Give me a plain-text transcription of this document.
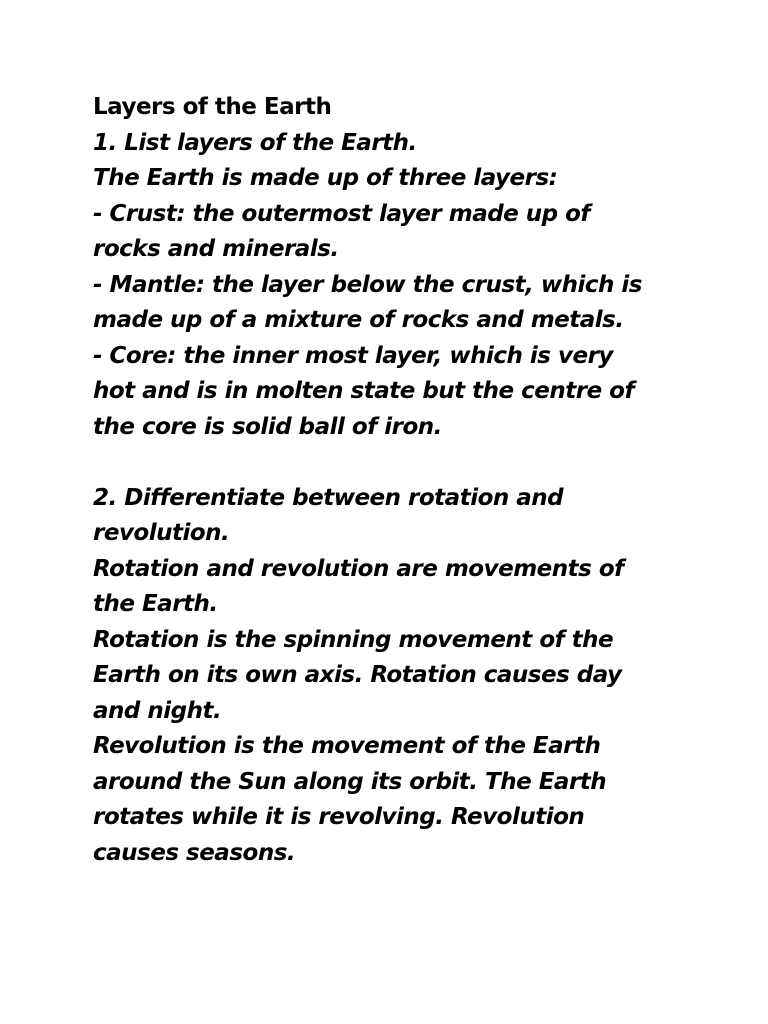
Layers of the Earth
1. List layers of the Earth.
The Earth is made up of three layers:
- Crust: the outermost layer made up of
rocks and minerals.
- Mantle: the layer below the crust, which is
made up of a mixture of rocks and metals.
- Core: the inner most layer, which is very
hot and is in molten state but the centre of
the core is solid ball of iron.
2. Differentiate between rotation and
revolution.
Rotation and revolution are movements of
the Earth.
Rotation is the spinning movement of the
Earth on its own axis. Rotation causes day
and night.
Revolution is the movement of the Earth
around the Sun along its orbit. The Earth
rotates while it is revolving. Revolution
causes seasons.
